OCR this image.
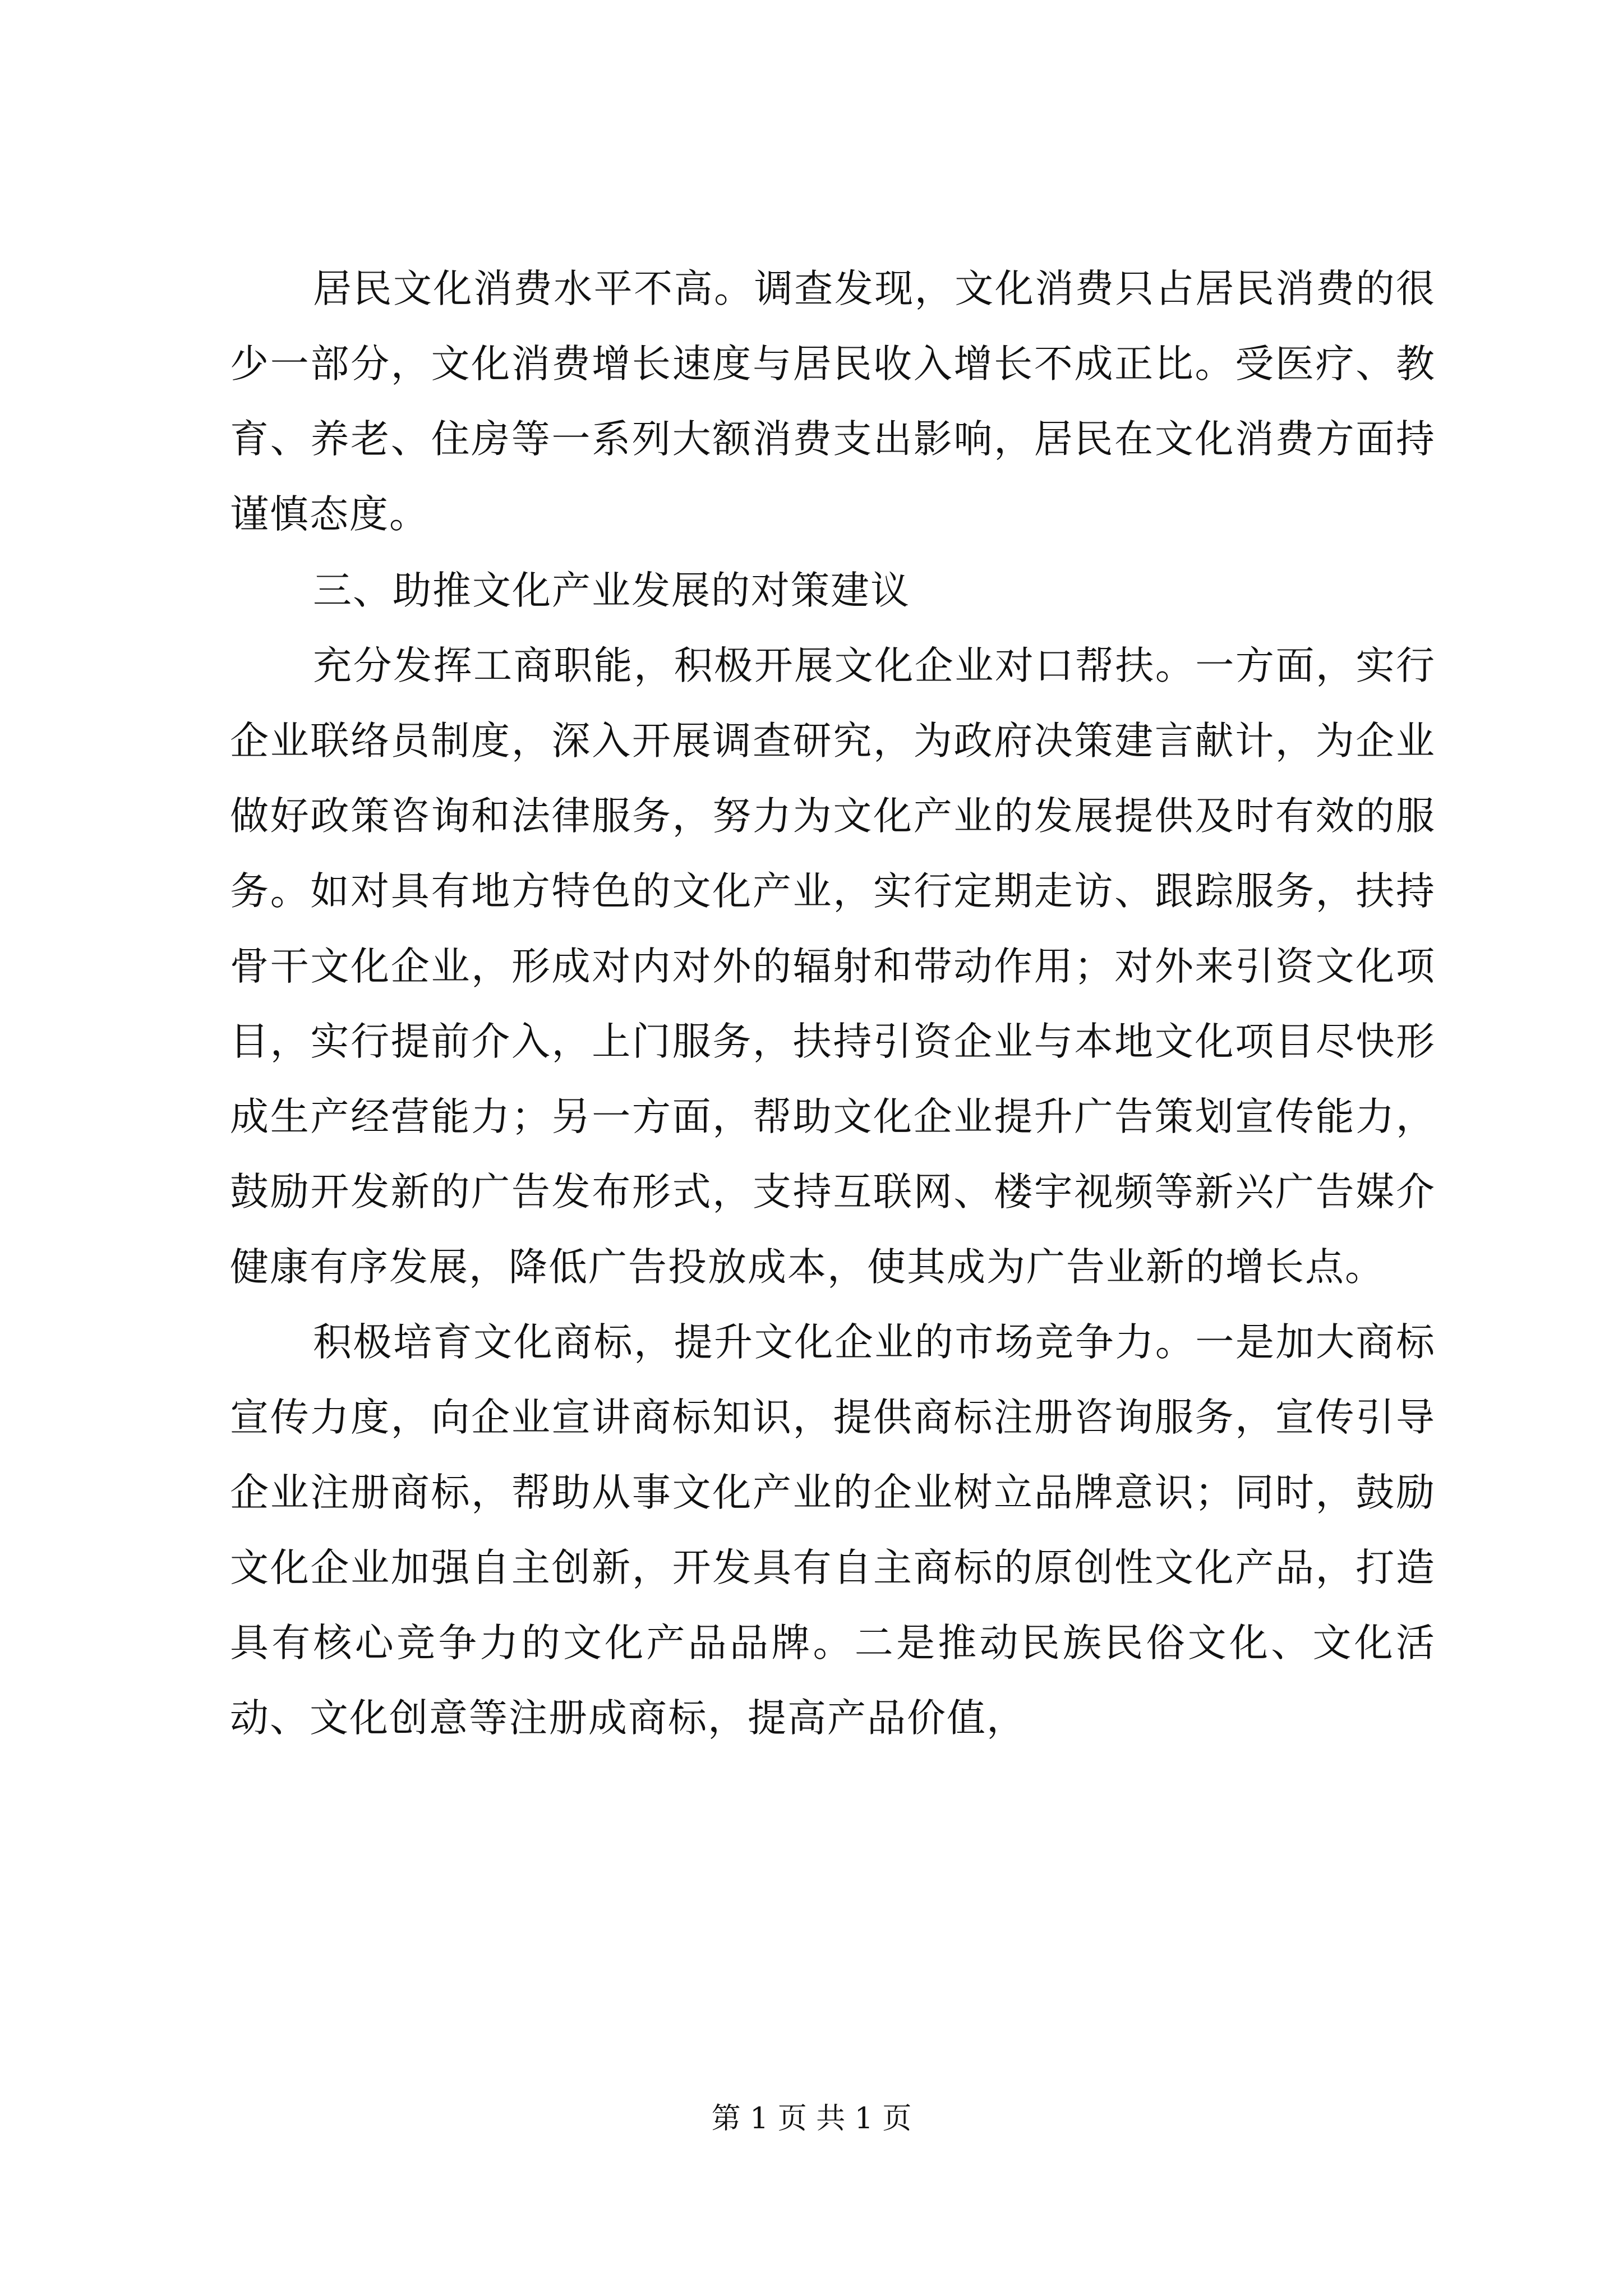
居民文化消费水平不高。调查发现，文化消费只占居民消费的很少一部分，文化消费增长速度与居民收入增长不成正比。受医疗、教育、养老、住房等一系列大额消费支出影响，居民在文化消费方面持谨慎态度。

三、助推文化产业发展的对策建议

充分发挥工商职能，积极开展文化企业对口帮扶。一方面，实行企业联络员制度，深入开展调查研究，为政府决策建言献计，为企业做好政策咨询和法律服务，努力为文化产业的发展提供及时有效的服务。如对具有地方特色的文化产业，实行定期走访、跟踪服务，扶持骨干文化企业，形成对内对外的辐射和带动作用；对外来引资文化项目，实行提前介入，上门服务，扶持引资企业与本地文化项目尽快形成生产经营能力；另一方面，帮助文化企业提升广告策划宣传能力，鼓励开发新的广告发布形式，支持互联网、楼宇视频等新兴广告媒介健康有序发展，降低广告投放成本，使其成为广告业新的增长点。

积极培育文化商标，提升文化企业的市场竞争力。一是加大商标宣传力度，向企业宣讲商标知识，提供商标注册咨询服务，宣传引导企业注册商标，帮助从事文化产业的企业树立品牌意识；同时，鼓励文化企业加强自主创新，开发具有自主商标的原创性文化产品，打造具有核心竞争力的文化产品品牌。二是推动民族民俗文化、文化活动、文化创意等注册成商标，提高产品价值，

第 1 页 共 1 页
